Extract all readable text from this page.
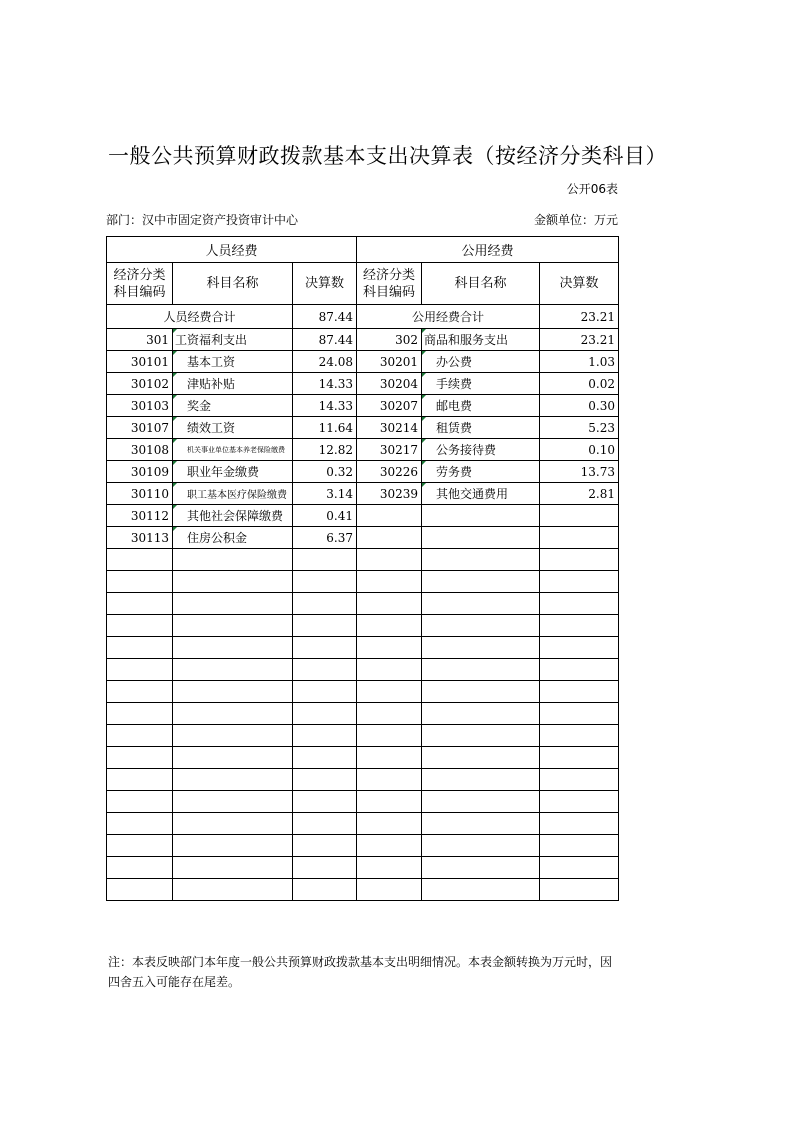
一般公共预算财政拨款基本支出决算表（按经济分类科目）
公开06表
部门：汉中市固定资产投资审计中心	金额单位：万元
人员经费			公用经费		
经济分类科目编码	科目名称	决算数	经济分类科目编码	科目名称	决算数
人员经费合计		87.44	公用经费合计		23.21
301	工资福利支出	87.44	302	商品和服务支出	23.21
30101	基本工资	24.08	30201	办公费	1.03
30102	津贴补贴	14.33	30204	手续费	0.02
30103	奖金	14.33	30207	邮电费	0.30
30107	绩效工资	11.64	30214	租赁费	5.23
30108	机关事业单位基本养老保险缴费	12.82	30217	公务接待费	0.10
30109	职业年金缴费	0.32	30226	劳务费	13.73
30110	职工基本医疗保险缴费	3.14	30239	其他交通费用	2.81
30112	其他社会保障缴费	0.41			
30113	住房公积金	6.37			

注：本表反映部门本年度一般公共预算财政拨款基本支出明细情况。本表金额转换为万元时，因四舍五入可能存在尾差。
